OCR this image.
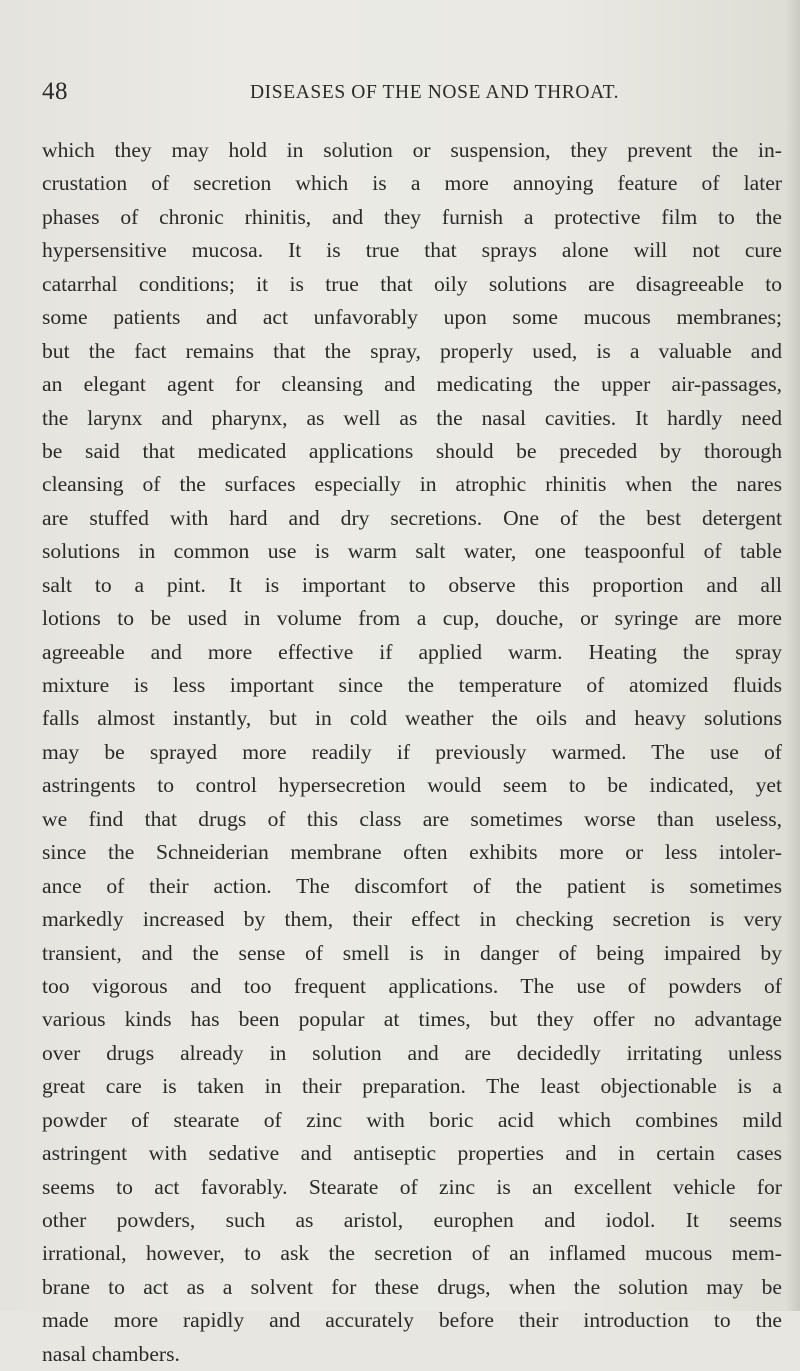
48	DISEASES OF THE NOSE AND THROAT.
which they may hold in solution or suspension, they prevent the in-
crustation of secretion which is a more annoying feature of later
phases of chronic rhinitis, and they furnish a protective film to the
hypersensitive mucosa. It is true that sprays alone will not cure
catarrhal conditions; it is true that oily solutions are disagreeable to
some patients and act unfavorably upon some mucous membranes;
but the fact remains that the spray, properly used, is a valuable and
an elegant agent for cleansing and medicating the upper air-passages,
the larynx and pharynx, as well as the nasal cavities. It hardly need
be said that medicated applications should be preceded by thorough
cleansing of the surfaces especially in atrophic rhinitis when the nares
are stuffed with hard and dry secretions. One of the best detergent
solutions in common use is warm salt water, one teaspoonful of table
salt to a pint. It is important to observe this proportion and all
lotions to be used in volume from a cup, douche, or syringe are more
agreeable and more effective if applied warm. Heating the spray
mixture is less important since the temperature of atomized fluids
falls almost instantly, but in cold weather the oils and heavy solutions
may be sprayed more readily if previously warmed. The use of
astringents to control hypersecretion would seem to be indicated, yet
we find that drugs of this class are sometimes worse than useless,
since the Schneiderian membrane often exhibits more or less intoler-
ance of their action. The discomfort of the patient is sometimes
markedly increased by them, their effect in checking secretion is very
transient, and the sense of smell is in danger of being impaired by
too vigorous and too frequent applications. The use of powders of
various kinds has been popular at times, but they offer no advantage
over drugs already in solution and are decidedly irritating unless
great care is taken in their preparation. The least objectionable is a
powder of stearate of zinc with boric acid which combines mild
astringent with sedative and antiseptic properties and in certain cases
seems to act favorably. Stearate of zinc is an excellent vehicle for
other powders, such as aristol, europhen and iodol. It seems
irrational, however, to ask the secretion of an inflamed mucous mem-
brane to act as a solvent for these drugs, when the solution may be
made more rapidly and accurately before their introduction to the
nasal chambers.
